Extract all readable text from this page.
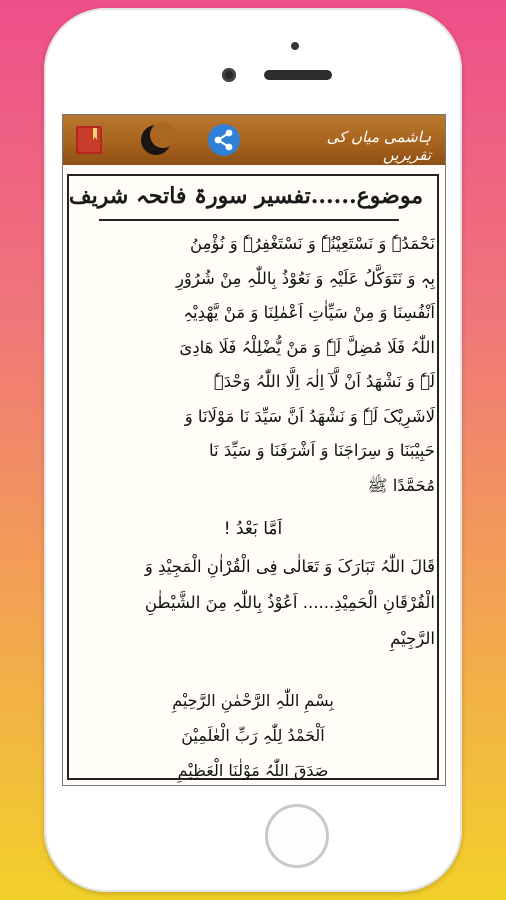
ہاشمی میاں کی تقریریں
موضوع......تفسیر سورۃ فاتحہ شریف
نَحْمَدُہٗ وَ نَسْتَعِیْنُہٗ وَ نَسْتَغْفِرُہٗ وَ نُؤْمِنُ
بِہٖ وَ نَتَوَکَّلُ عَلَیْہِ وَ نَعُوْذُ بِاللّٰہِ مِنْ شُرُوْرِ
اَنْفُسِنَا وَ مِنْ سَیِّاٰتِ اَعْمٰلِنَا وَ مَنْ یَّھْدِیْہِ
اللّٰہُ فَلَا مُضِلَّ لَہٗ وَ مَنْ یُّضْلِلْہُ فَلَا ھَادِیَ
لَہٗ وَ نَشْھَدُ اَنْ لَّآ اِلٰہَ اِلَّا اللّٰہُ وَحْدَہٗ
لَاشَرِیْکَ لَہٗ وَ نَشْھَدُ اَنَّ سَیِّدَ نَا مَوْلَانَا وَ
حَبِیْبَنَا وَ سِرَاجَنَا وَ اَشْرَفَنَا وَ سَیِّدَ نَا
مُحَمَّدًا ﷺ
اَمَّا بَعْدُ !
قَالَ اللّٰہُ تَبَارَکَ وَ تَعَالٰی فِی الْقُرْاٰنِ الْمَجِیْدِ وَ
الْفُرْقَانِ الْحَمِیْدِ...... اَعُوْذُ بِاللّٰہِ مِنَ الشَّیْطٰنِ
الرَّجِیْمِ
بِسْمِ اللّٰہِ الرَّحْمٰنِ الرَّحِیْمِ
اَلْحَمْدُ لِلّٰہِ رَبِّ الْعٰلَمِیْنَ
صَدَقَ اللّٰہُ مَوْلٰنَا الْعَظِیْمِ
